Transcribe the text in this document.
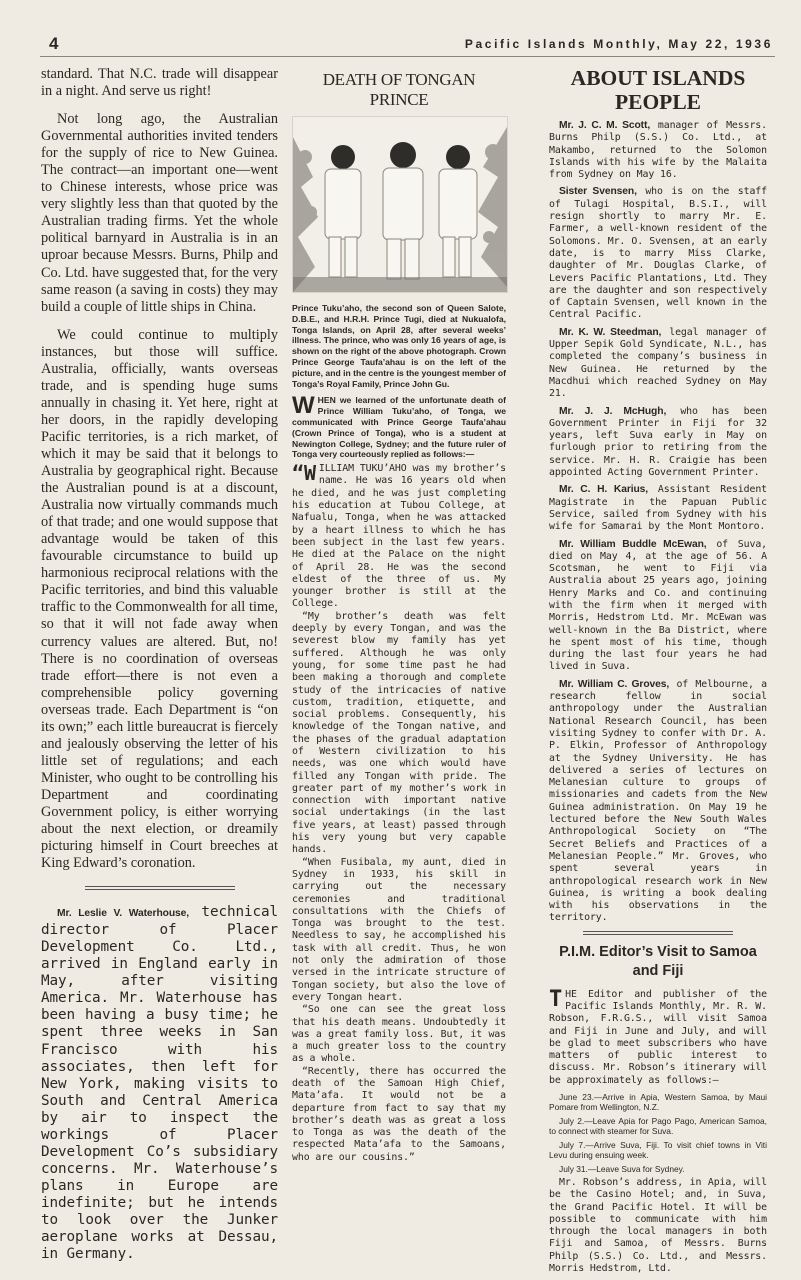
4	Pacific Islands Monthly, May 22, 1936

standard. That N.C. trade will disappear in a night. And serve us right!

Not long ago, the Australian Governmental authorities invited tenders for the supply of rice to New Guinea. The contract—an important one—went to Chinese interests, whose price was very slightly less than that quoted by the Australian trading firms. Yet the whole political barnyard in Australia is in an uproar because Messrs. Burns, Philp and Co. Ltd. have suggested that, for the very same reason (a saving in costs) they may build a couple of little ships in China.

We could continue to multiply instances, but those will suffice. Australia, officially, wants overseas trade, and is spending huge sums annually in chasing it. Yet here, right at her doors, in the rapidly developing Pacific territories, is a rich market, of which it may be said that it belongs to Australia by geographical right. Because the Australian pound is at a discount, Australia now virtually commands much of that trade; and one would suppose that advantage would be taken of this favourable circumstance to build up harmonious reciprocal relations with the Pacific territories, and bind this valuable traffic to the Commonwealth for all time, so that it will not fade away when currency values are altered. But, no! There is no coordination of overseas trade effort—there is not even a comprehensible policy governing overseas trade. Each Department is “on its own;” each little bureaucrat is fiercely and jealously observing the letter of his little set of regulations; and each Minister, who ought to be controlling his Department and coordinating Government policy, is either worrying about the next election, or dreamily picturing himself in Court breeches at King Edward’s coronation.

Mr. Leslie V. Waterhouse, technical director of Placer Development Co. Ltd., arrived in England early in May, after visiting America. Mr. Waterhouse has been having a busy time; he spent three weeks in San Francisco with his associates, then left for New York, making visits to South and Central America by air to inspect the workings of Placer Development Co’s subsidiary concerns. Mr. Waterhouse’s plans in Europe are indefinite; but he intends to look over the Junker aeroplane works at Dessau, in Germany.

DEATH OF TONGAN PRINCE
Prince Tuku’aho, the second son of Queen Salote, D.B.E., and H.R.H. Prince Tugi, died at Nukualofa, Tonga Islands, on April 28, after several weeks’ illness. The prince, who was only 16 years of age, is shown on the right of the above photograph. Crown Prince George Taufa’ahau is on the left of the picture, and in the centre is the youngest member of Tonga’s Royal Family, Prince John Gu.
WHEN we learned of the unfortunate death of Prince William Tuku’aho, of Tonga, we communicated with Prince George Taufa’ahau (Crown Prince of Tonga), who is a student at Newington College, Sydney; and the future ruler of Tonga very courteously replied as follows:—

“WILLIAM TUKU’AHO was my brother’s name. He was 16 years old when he died, and he was just completing his education at Tubou College, at Nafualu, Tonga, when he was attacked by a heart illness to which he has been subject in the last few years. He died at the Palace on the night of April 28. He was the second eldest of the three of us. My younger brother is still at the College.

“My brother’s death was felt deeply by every Tongan, and was the severest blow my family has yet suffered. Although he was only young, for some time past he had been making a thorough and complete study of the intricacies of native custom, tradition, etiquette, and social problems. Consequently, his knowledge of the Tongan native, and the phases of the gradual adaptation of Western civilization to his needs, was one which would have filled any Tongan with pride. The greater part of my mother’s work in connection with important native social undertakings (in the last five years, at least) passed through his very young but very capable hands.

“When Fusibala, my aunt, died in Sydney in 1933, his skill in carrying out the necessary ceremonies and traditional consultations with the Chiefs of Tonga was brought to the test. Needless to say, he accomplished his task with all credit. Thus, he won not only the admiration of those versed in the intricate structure of Tongan society, but also the love of every Tongan heart.

“So one can see the great loss that his death means. Undoubtedly it was a great family loss. But, it was a much greater loss to the country as a whole.

“Recently, there has occurred the death of the Samoan High Chief, Mata’afa. It would not be a departure from fact to say that my brother’s death was as great a loss to Tonga as was the death of the respected Mata’afa to the Samoans, who are our cousins.”

ABOUT ISLANDS PEOPLE

Mr. J. C. M. Scott, manager of Messrs. Burns Philp (S.S.) Co. Ltd., at Makambo, returned to the Solomon Islands with his wife by the Malaita from Sydney on May 16.

Sister Svensen, who is on the staff of Tulagi Hospital, B.S.I., will resign shortly to marry Mr. E. Farmer, a well-known resident of the Solomons. Mr. O. Svensen, at an early date, is to marry Miss Clarke, daughter of Mr. Douglas Clarke, of Levers Pacific Plantations, Ltd. They are the daughter and son respectively of Captain Svensen, well known in the Central Pacific.

Mr. K. W. Steedman, legal manager of Upper Sepik Gold Syndicate, N.L., has completed the company’s business in New Guinea. He returned by the Macdhui which reached Sydney on May 21.

Mr. J. J. McHugh, who has been Government Printer in Fiji for 32 years, left Suva early in May on furlough prior to retiring from the service. Mr. H. R. Craigie has been appointed Acting Government Printer.

Mr. C. H. Karius, Assistant Resident Magistrate in the Papuan Public Service, sailed from Sydney with his wife for Samarai by the Mont Montoro.

Mr. William Buddle McEwan, of Suva, died on May 4, at the age of 56. A Scotsman, he went to Fiji via Australia about 25 years ago, joining Henry Marks and Co. and continuing with the firm when it merged with Morris, Hedstrom Ltd. Mr. McEwan was well-known in the Ba District, where he spent most of his time, though during the last four years he had lived in Suva.

Mr. William C. Groves, of Melbourne, a research fellow in social anthropology under the Australian National Research Council, has been visiting Sydney to confer with Dr. A. P. Elkin, Professor of Anthropology at the Sydney University. He has delivered a series of lectures on Melanesian culture to groups of missionaries and cadets from the New Guinea administration. On May 19 he lectured before the New South Wales Anthropological Society on “The Secret Beliefs and Practices of a Melanesian People.” Mr. Groves, who spent several years in anthropological research work in New Guinea, is writing a book dealing with his observations in the territory.

P.I.M. Editor’s Visit to Samoa and Fiji

THE Editor and publisher of the Pacific Islands Monthly, Mr. R. W. Robson, F.R.G.S., will visit Samoa and Fiji in June and July, and will be glad to meet subscribers who have matters of public interest to discuss. Mr. Robson’s itinerary will be approximately as follows:—

June 23.—Arrive in Apia, Western Samoa, by Maui Pomare from Wellington, N.Z.

July 2.—Leave Apia for Pago Pago, American Samoa, to connect with steamer for Suva.

July 7.—Arrive Suva, Fiji. To visit chief towns in Viti Levu during ensuing week.

July 31.—Leave Suva for Sydney.

Mr. Robson’s address, in Apia, will be the Casino Hotel; and, in Suva, the Grand Pacific Hotel. It will be possible to communicate with him through the local managers in both Fiji and Samoa, of Messrs. Burns Philp (S.S.) Co. Ltd., and Messrs. Morris Hedstrom, Ltd.
